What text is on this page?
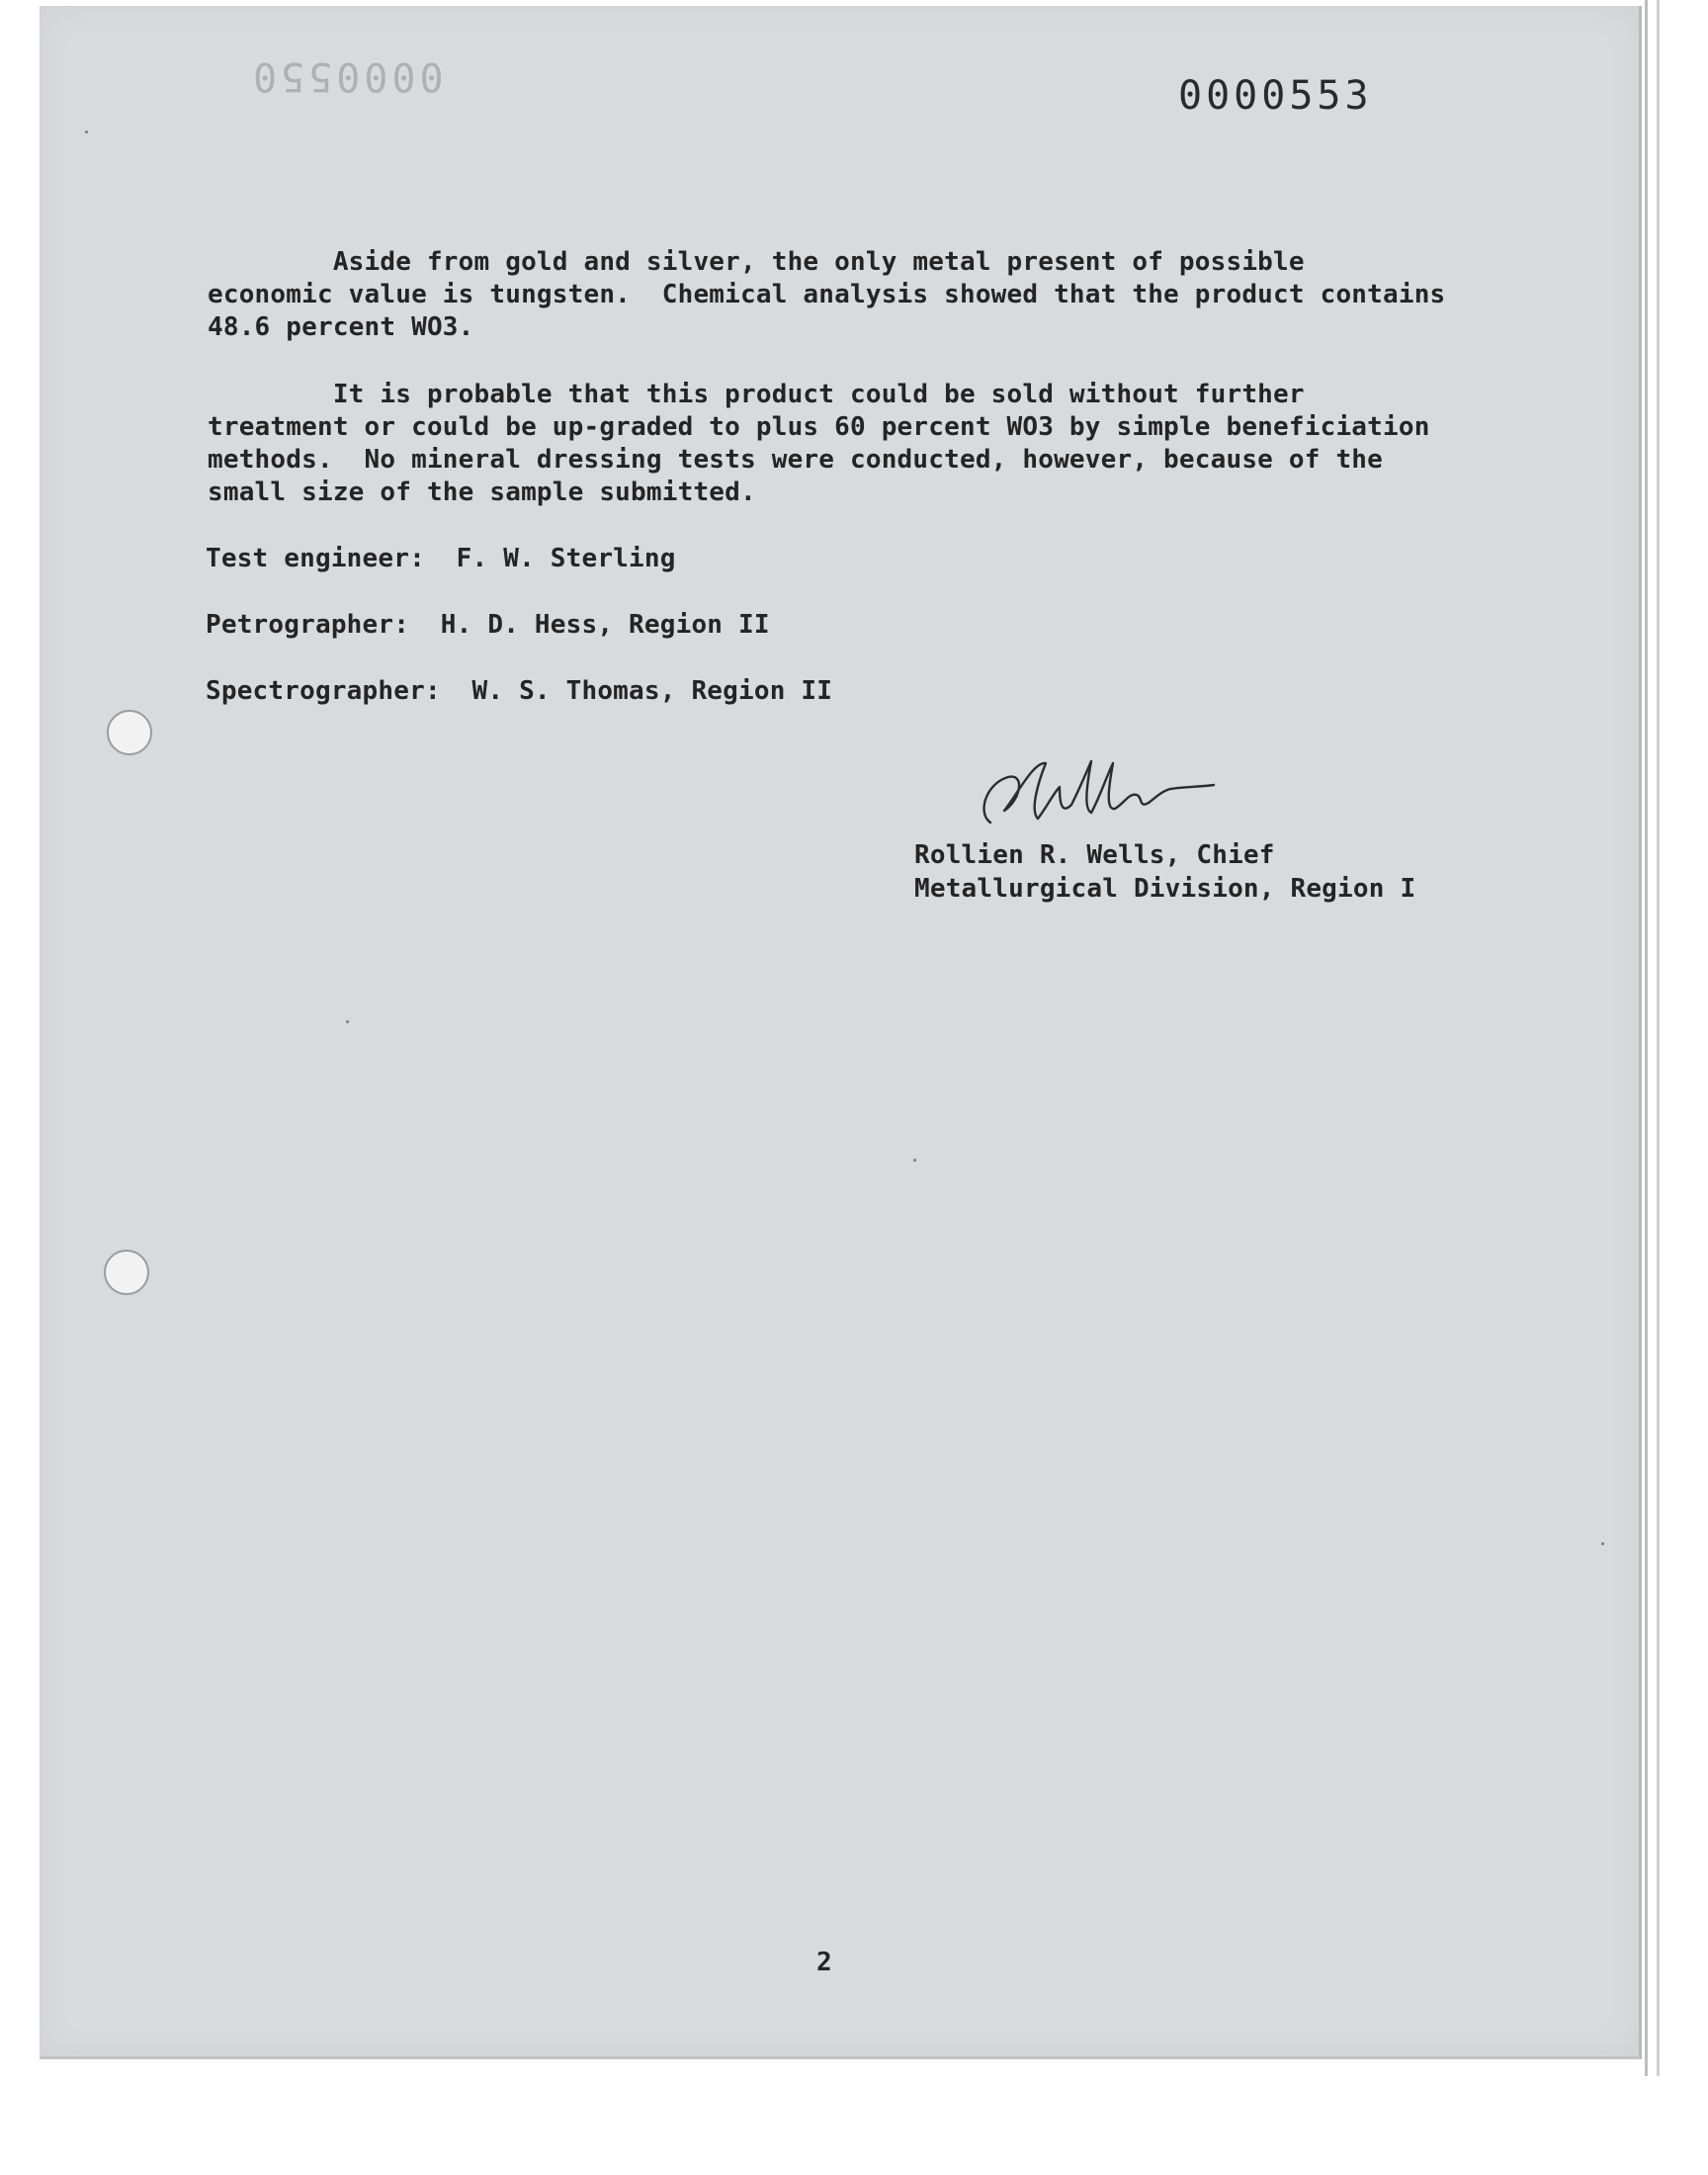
0000550	0000553
Aside from gold and silver, the only metal present of possible
economic value is tungsten.  Chemical analysis showed that the product contains
48.6 percent WO3.
It is probable that this product could be sold without further
treatment or could be up-graded to plus 60 percent WO3 by simple beneficiation
methods.  No mineral dressing tests were conducted, however, because of the
small size of the sample submitted.
Test engineer:  F. W. Sterling
Petrographer:  H. D. Hess, Region II
Spectrographer:  W. S. Thomas, Region II
Rollien R. Wells, Chief
Metallurgical Division, Region I
2
